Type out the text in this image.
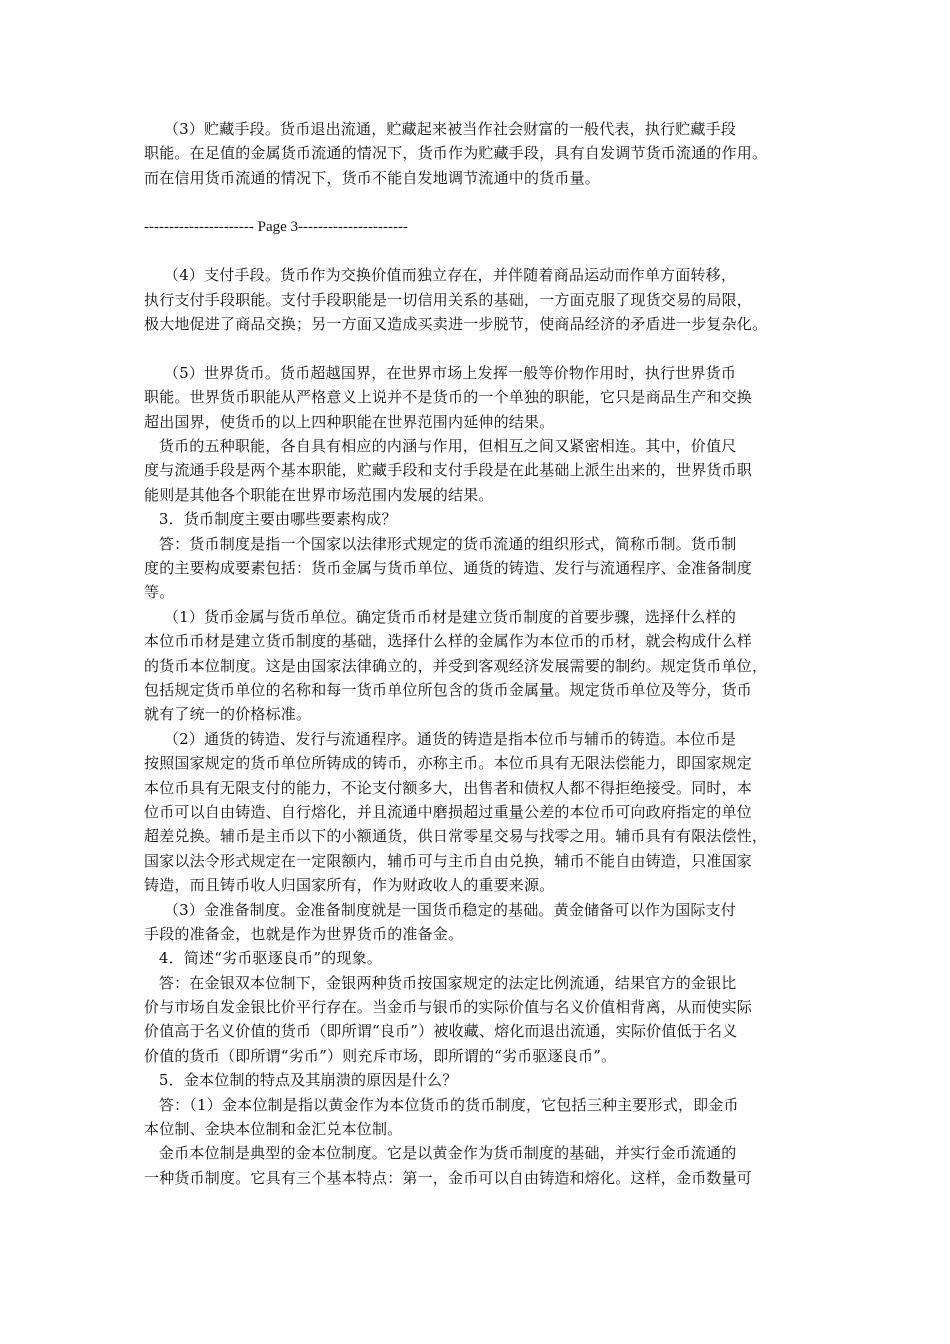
（3）贮藏手段。货币退出流通，贮藏起来被当作社会财富的一般代表，执行贮藏手段
职能。在足值的金属货币流通的情况下，货币作为贮藏手段，具有自发调节货币流通的作用。
而在信用货币流通的情况下，货币不能自发地调节流通中的货币量。
---------------------- Page 3----------------------
（4）支付手段。货币作为交换价值而独立存在，并伴随着商品运动而作单方面转移，
执行支付手段职能。支付手段职能是一切信用关系的基础，一方面克服了现货交易的局限，
极大地促进了商品交换；另一方面又造成买卖进一步脱节，使商品经济的矛盾进一步复杂化。
（5）世界货币。货币超越国界，在世界市场上发挥一般等价物作用时，执行世界货币
职能。世界货币职能从严格意义上说并不是货币的一个单独的职能，它只是商品生产和交换
超出国界，使货币的以上四种职能在世界范围内延伸的结果。
货币的五种职能，各自具有相应的内涵与作用，但相互之间又紧密相连。其中，价值尺
度与流通手段是两个基本职能，贮藏手段和支付手段是在此基础上派生出来的，世界货币职
能则是其他各个职能在世界市场范围内发展的结果。
3．货币制度主要由哪些要素构成？
答：货币制度是指一个国家以法律形式规定的货币流通的组织形式，简称币制。货币制
度的主要构成要素包括：货币金属与货币单位、通货的铸造、发行与流通程序、金准备制度
等。
（1）货币金属与货币单位。确定货币币材是建立货币制度的首要步骤，选择什么样的
本位币币材是建立货币制度的基础，选择什么样的金属作为本位币的币材，就会构成什么样
的货币本位制度。这是由国家法律确立的，并受到客观经济发展需要的制约。规定货币单位，
包括规定货币单位的名称和每一货币单位所包含的货币金属量。规定货币单位及等分，货币
就有了统一的价格标准。
（2）通货的铸造、发行与流通程序。通货的铸造是指本位币与辅币的铸造。本位币是
按照国家规定的货币单位所铸成的铸币，亦称主币。本位币具有无限法偿能力，即国家规定
本位币具有无限支付的能力，不论支付额多大，出售者和债权人都不得拒绝接受。同时，本
位币可以自由铸造、自行熔化，并且流通中磨损超过重量公差的本位币可向政府指定的单位
超差兑换。辅币是主币以下的小额通货，供日常零星交易与找零之用。辅币具有有限法偿性，
国家以法令形式规定在一定限额内，辅币可与主币自由兑换，辅币不能自由铸造，只准国家
铸造，而且铸币收人归国家所有，作为财政收人的重要来源。
（3）金准备制度。金准备制度就是一国货币稳定的基础。黄金储备可以作为国际支付
手段的准备金，也就是作为世界货币的准备金。
4．简述“劣币驱逐良币”的现象。
答：在金银双本位制下，金银两种货币按国家规定的法定比例流通，结果官方的金银比
价与市场自发金银比价平行存在。当金币与银币的实际价值与名义价值相背离，从而使实际
价值高于名义价值的货币（即所谓“良币”）被收藏、熔化而退出流通，实际价值低于名义
价值的货币（即所谓“劣币”）则充斥市场，即所谓的“劣币驱逐良币”。
5．金本位制的特点及其崩溃的原因是什么？
答：（1）金本位制是指以黄金作为本位货币的货币制度，它包括三种主要形式，即金币
本位制、金块本位制和金汇兑本位制。
金币本位制是典型的金本位制度。它是以黄金作为货币制度的基础，并实行金币流通的
一种货币制度。它具有三个基本特点：第一，金币可以自由铸造和熔化。这样，金币数量可
